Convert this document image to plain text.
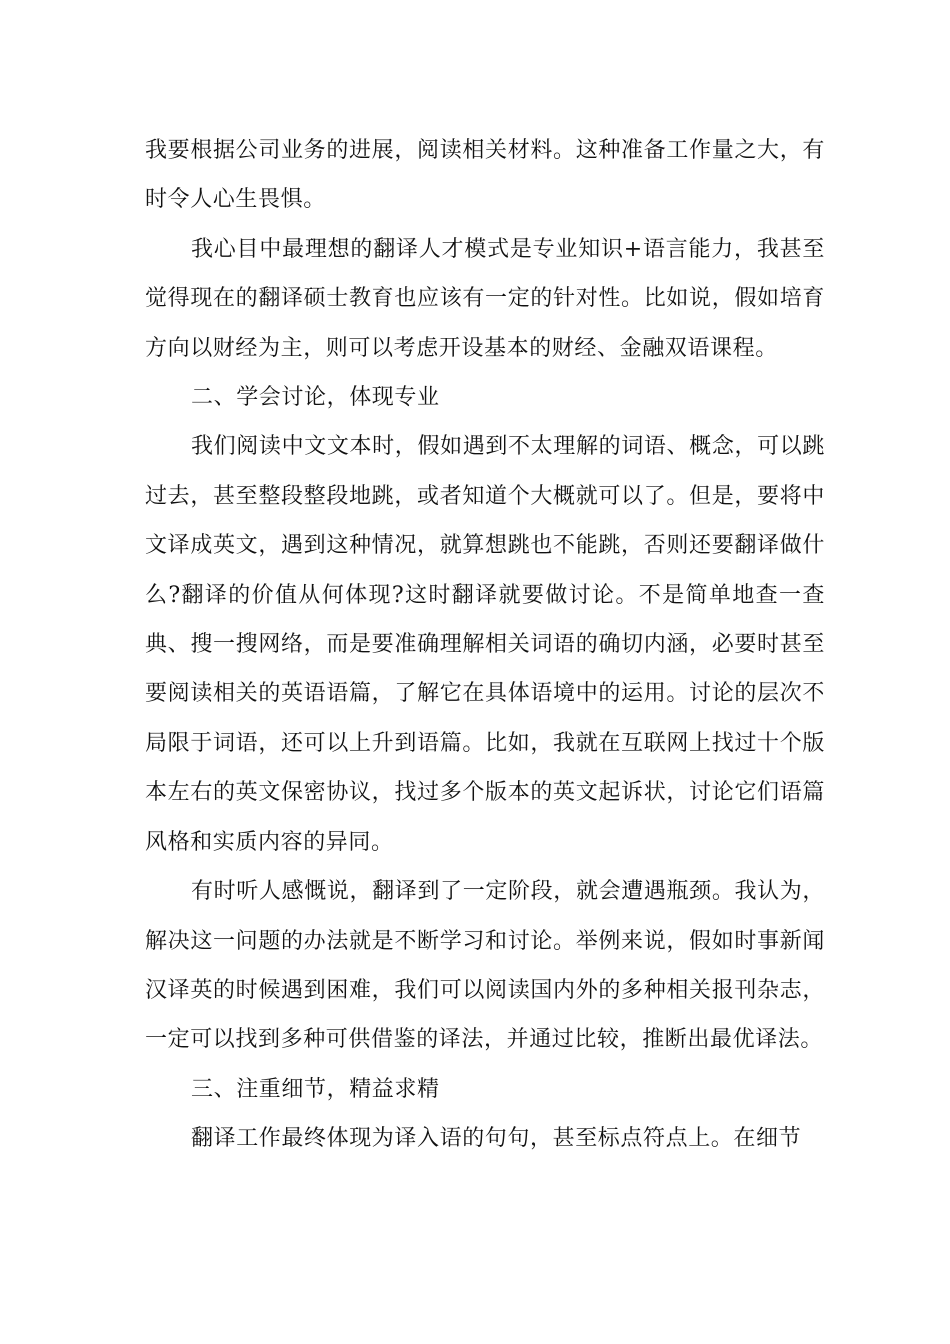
我要根据公司业务的进展，阅读相关材料。这种准备工作量之大，有时令人心生畏惧。

我心目中最理想的翻译人才模式是专业知识+语言能力，我甚至觉得现在的翻译硕士教育也应该有一定的针对性。比如说，假如培育方向以财经为主，则可以考虑开设基本的财经、金融双语课程。

二、学会讨论，体现专业

我们阅读中文文本时，假如遇到不太理解的词语、概念，可以跳过去，甚至整段整段地跳，或者知道个大概就可以了。但是，要将中文译成英文，遇到这种情况，就算想跳也不能跳，否则还要翻译做什么?翻译的价值从何体现?这时翻译就要做讨论。不是简单地查一查典、搜一搜网络，而是要准确理解相关词语的确切内涵，必要时甚至要阅读相关的英语语篇，了解它在具体语境中的运用。讨论的层次不局限于词语，还可以上升到语篇。比如，我就在互联网上找过十个版本左右的英文保密协议，找过多个版本的英文起诉状，讨论它们语篇风格和实质内容的异同。

有时听人感慨说，翻译到了一定阶段，就会遭遇瓶颈。我认为，解决这一问题的办法就是不断学习和讨论。举例来说，假如时事新闻汉译英的时候遇到困难，我们可以阅读国内外的多种相关报刊杂志，一定可以找到多种可供借鉴的译法，并通过比较，推断出最优译法。

三、注重细节，精益求精

翻译工作最终体现为译入语的句句，甚至标点符点上。在细节
